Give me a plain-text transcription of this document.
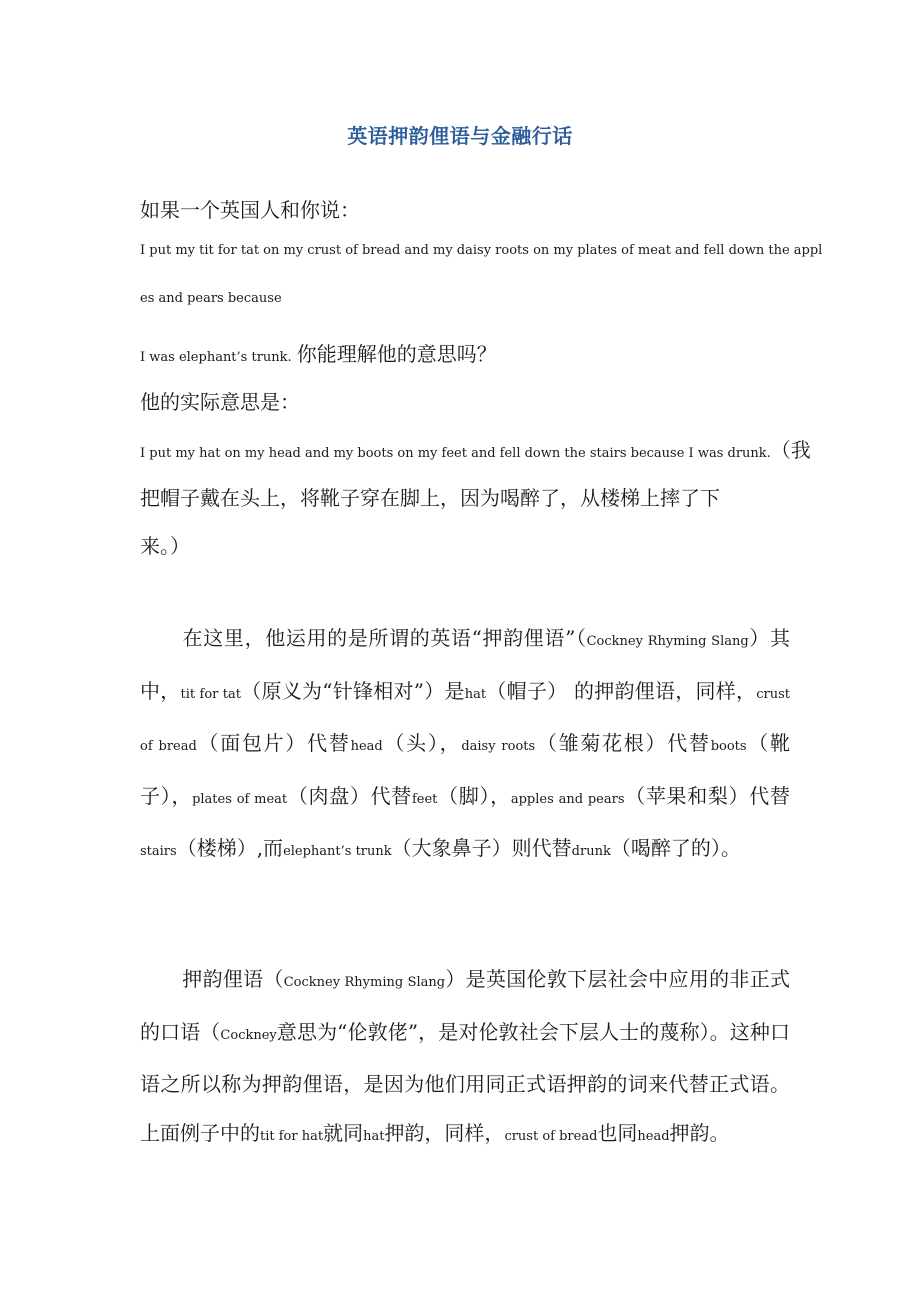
英语押韵俚语与金融行话
如果一个英国人和你说：
I put my tit for tat on my crust of bread and my daisy roots on my plates of meat and fell down the appl
es and pears because
I was elephant’s trunk. 你能理解他的意思吗？
他的实际意思是：
I put my hat on my head and my boots on my feet and fell down the stairs because I was drunk.（我
把帽子戴在头上，将靴子穿在脚上，因为喝醉了，从楼梯上摔了下
来。）
在这里，他运用的是所谓的英语“押韵俚语”（Cockney Rhyming Slang）其中，tit for tat（原义为“针锋相对”）是hat（帽子） 的押韵俚语，同样，crust of bread（面包片）代替head（头），daisy roots（雏菊花根）代替boots（靴子），plates of meat（肉盘）代替feet（脚），apples and pears（苹果和梨）代替stairs（楼梯）,而elephant’s trunk（大象鼻子）则代替drunk（喝醉了的）。
押韵俚语（Cockney Rhyming Slang）是英国伦敦下层社会中应用的非正式的口语（Cockney意思为“伦敦佬”，是对伦敦社会下层人士的蔑称）。这种口语之所以称为押韵俚语，是因为他们用同正式语押韵的词来代替正式语。上面例子中的tit for hat就同hat押韵，同样，crust of bread也同head押韵。
